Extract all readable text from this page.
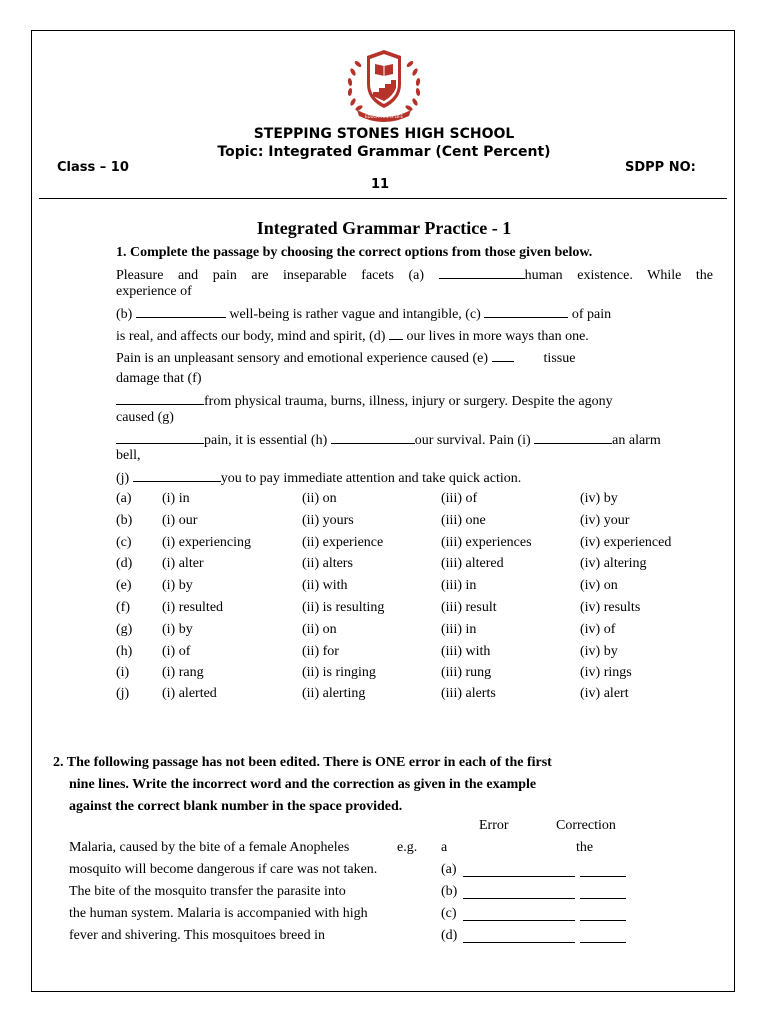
EDUCATION IS LIFE
STEPPING STONES HIGH SCHOOL
Topic: Integrated Grammar (Cent Percent)
Class – 10	SDPP NO:
11
Integrated Grammar Practice - 1
1. Complete the passage by choosing the correct options from those given below.
Pleasure and pain are inseparable facets (a)	human existence. While the
experience of
(b)	well-being is rather vague and intangible, (c)	of pain
is real, and affects our body, mind and spirit, (d)  our lives in more ways than one.
Pain is an unpleasant sensory and emotional experience caused (e)	tissue
damage that (f)
from physical trauma, burns, illness, injury or surgery. Despite the agony
caused (g)
pain, it is essential (h)	our survival. Pain (i)	an alarm
bell,
(j)	you to pay immediate attention and take quick action.
(a) (i) in	(ii) on	(iii) of	(iv) by
(b) (i) our	(ii) yours	(iii) one	(iv) your
(c) (i) experiencing	(ii) experience	(iii) experiences	(iv) experienced
(d) (i) alter	(ii) alters	(iii) altered	(iv) altering
(e) (i) by	(ii) with	(iii) in	(iv) on
(f) (i) resulted	(ii) is resulting	(iii) result	(iv) results
(g) (i) by	(ii) on	(iii) in	(iv) of
(h) (i) of	(ii) for	(iii) with	(iv) by
(i) (i) rang	(ii) is ringing	(iii) rung	(iv) rings
(j) (i) alerted	(ii) alerting	(iii) alerts	(iv) alert
2. The following passage has not been edited. There is ONE error in each of the first
nine lines. Write the incorrect word and the correction as given in the example
against the correct blank number in the space provided.
Error	Correction
Malaria, caused by the bite of a female Anopheles	e.g. a	the
mosquito will become dangerous if care was not taken.	(a)
The bite of the mosquito transfer the parasite into	(b)
the human system. Malaria is accompanied with high	(c)
fever and shivering. This mosquitoes breed in	(d)
